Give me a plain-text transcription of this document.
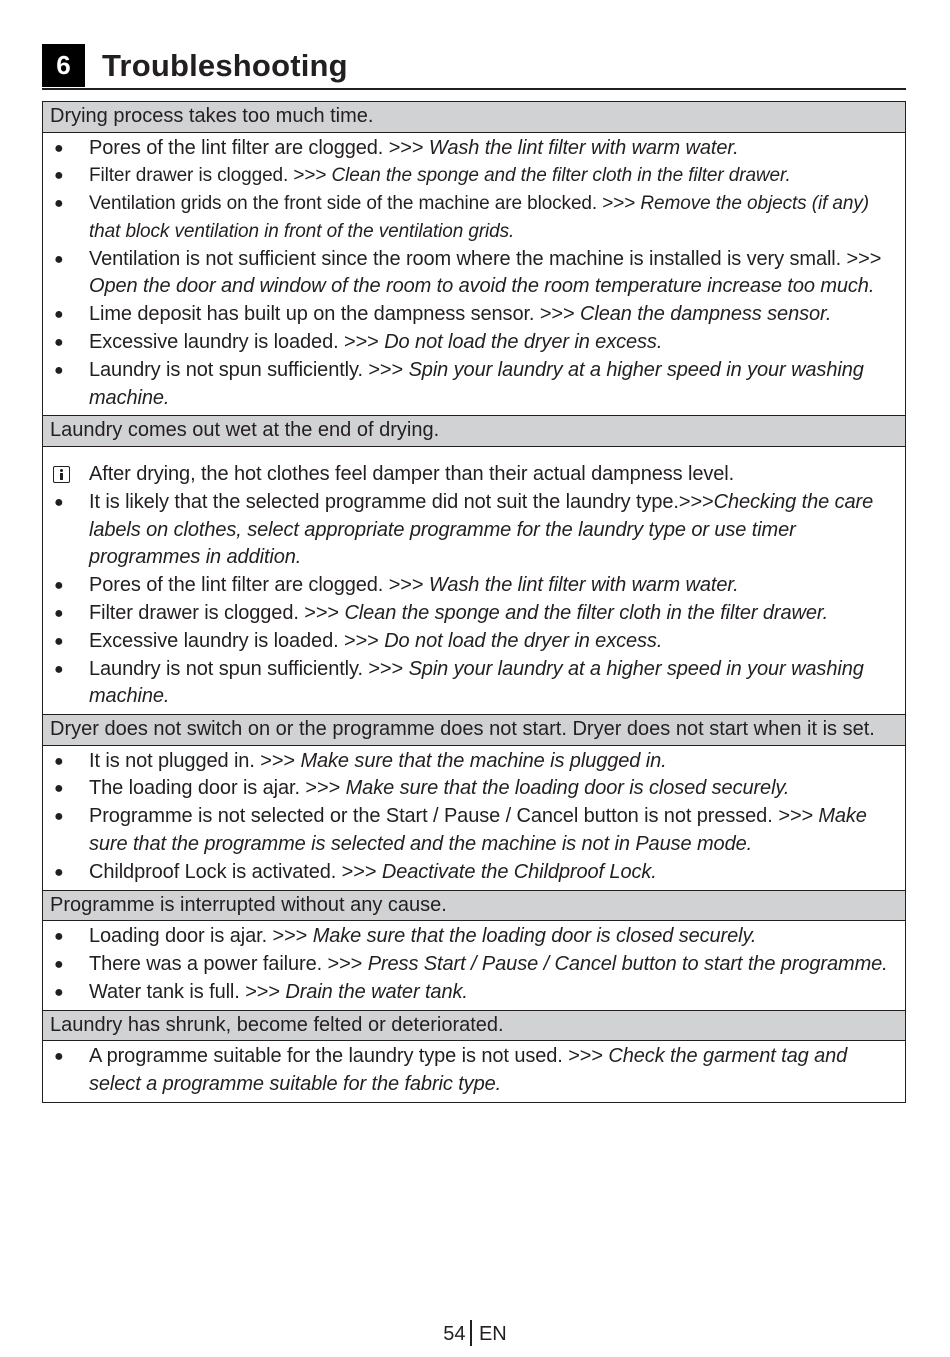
6	Troubleshooting
Drying process takes too much time.
● Pores of the lint filter are clogged. >>> Wash the lint filter with warm water.
● Filter drawer is clogged. >>> Clean the sponge and the filter cloth in the filter drawer.
● Ventilation grids on the front side of the machine are blocked. >>> Remove the objects (if any) that block ventilation in front of the ventilation grids.
● Ventilation is not sufficient since the room where the machine is installed is very small. >>> Open the door and window of the room to avoid the room temperature increase too much.
● Lime deposit has built up on the dampness sensor. >>> Clean the dampness sensor.
● Excessive laundry is loaded. >>> Do not load the dryer in excess.
● Laundry is not spun sufficiently. >>> Spin your laundry at a higher speed in your washing machine.
Laundry comes out wet at the end of drying.
After drying, the hot clothes feel damper than their actual dampness level.
● It is likely that the selected programme did not suit the laundry type.>>>Checking the care labels on clothes, select appropriate programme for the laundry type or use timer programmes in addition.
● Pores of the lint filter are clogged. >>> Wash the lint filter with warm water.
● Filter drawer is clogged. >>> Clean the sponge and the filter cloth in the filter drawer.
● Excessive laundry is loaded. >>> Do not load the dryer in excess.
● Laundry is not spun sufficiently. >>> Spin your laundry at a higher speed in your washing machine.
Dryer does not switch on or the programme does not start. Dryer does not start when it is set.
● It is not plugged in. >>> Make sure that the machine is plugged in.
● The loading door is ajar. >>> Make sure that the loading door is closed securely.
● Programme is not selected or the Start / Pause / Cancel button is not pressed. >>> Make sure that the programme is selected and the machine is not in Pause mode.
● Childproof Lock is activated. >>> Deactivate the Childproof Lock.
Programme is interrupted without any cause.
● Loading door is ajar. >>> Make sure that the loading door is closed securely.
● There was a power failure. >>> Press Start / Pause / Cancel button to start the programme.
● Water tank is full. >>> Drain the water tank.
Laundry has shrunk, become felted or deteriorated.
● A programme suitable for the laundry type is not used. >>> Check the garment tag and select a programme suitable for the fabric type.
54 EN
